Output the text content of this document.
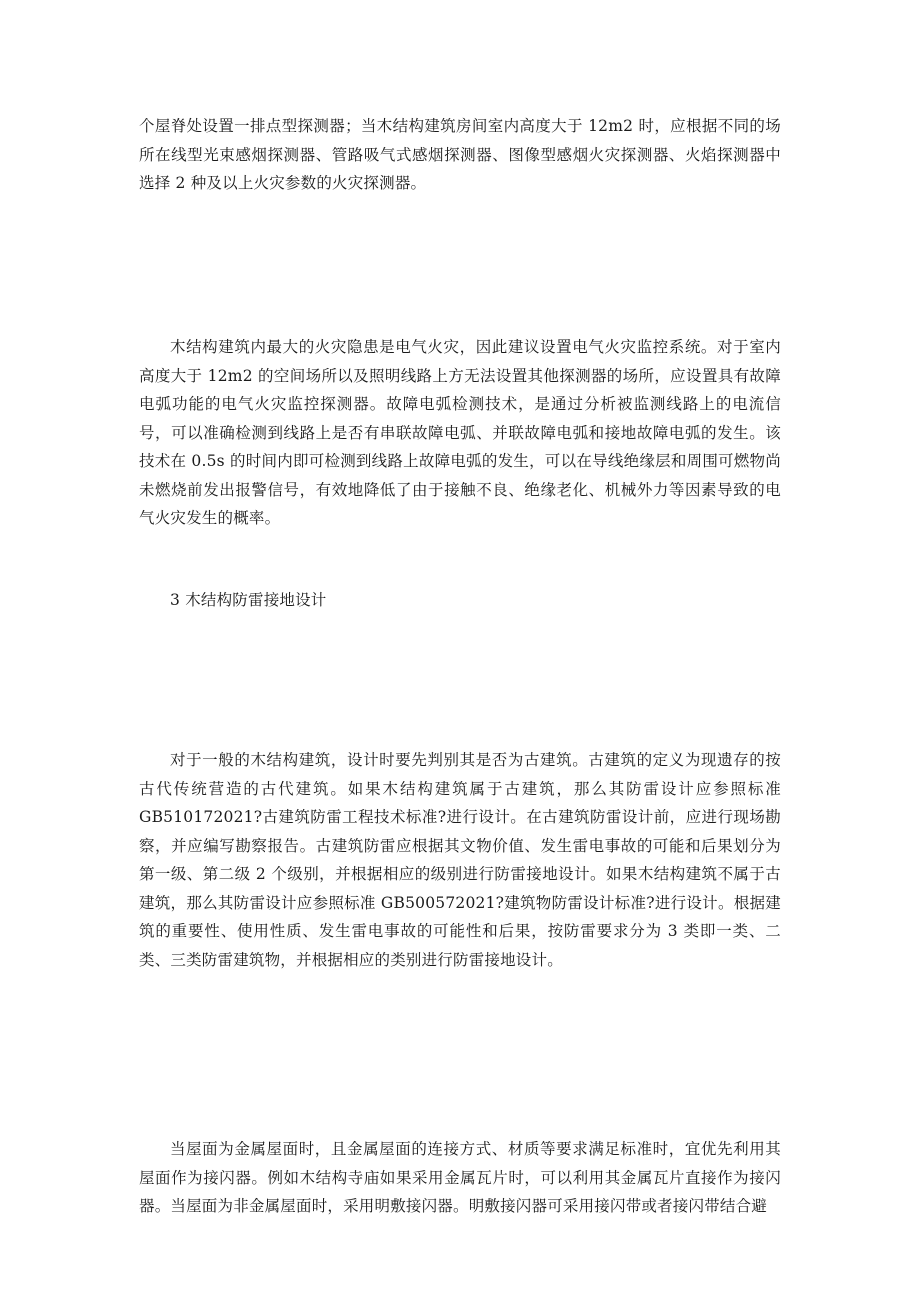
个屋脊处设置一排点型探测器；当木结构建筑房间室内高度大于 12m2 时，应根据不同的场所在线型光束感烟探测器、管路吸气式感烟探测器、图像型感烟火灾探测器、火焰探测器中选择 2 种及以上火灾参数的火灾探测器。

木结构建筑内最大的火灾隐患是电气火灾，因此建议设置电气火灾监控系统。对于室内高度大于 12m2 的空间场所以及照明线路上方无法设置其他探测器的场所，应设置具有故障电弧功能的电气火灾监控探测器。故障电弧检测技术，是通过分析被监测线路上的电流信号，可以准确检测到线路上是否有串联故障电弧、并联故障电弧和接地故障电弧的发生。该技术在 0.5s 的时间内即可检测到线路上故障电弧的发生，可以在导线绝缘层和周围可燃物尚未燃烧前发出报警信号，有效地降低了由于接触不良、绝缘老化、机械外力等因素导致的电气火灾发生的概率。

3 木结构防雷接地设计

对于一般的木结构建筑，设计时要先判别其是否为古建筑。古建筑的定义为现遗存的按古代传统营造的古代建筑。如果木结构建筑属于古建筑，那么其防雷设计应参照标准 GB510172021?古建筑防雷工程技术标准?进行设计。在古建筑防雷设计前，应进行现场勘察，并应编写勘察报告。古建筑防雷应根据其文物价值、发生雷电事故的可能和后果划分为第一级、第二级 2 个级别，并根据相应的级别进行防雷接地设计。如果木结构建筑不属于古建筑，那么其防雷设计应参照标准 GB500572021?建筑物防雷设计标准?进行设计。根据建筑的重要性、使用性质、发生雷电事故的可能性和后果，按防雷要求分为 3 类即一类、二类、三类防雷建筑物，并根据相应的类别进行防雷接地设计。

当屋面为金属屋面时，且金属屋面的连接方式、材质等要求满足标准时，宜优先利用其屋面作为接闪器。例如木结构寺庙如果采用金属瓦片时，可以利用其金属瓦片直接作为接闪器。当屋面为非金属屋面时，采用明敷接闪器。明敷接闪器可采用接闪带或者接闪带结合避
